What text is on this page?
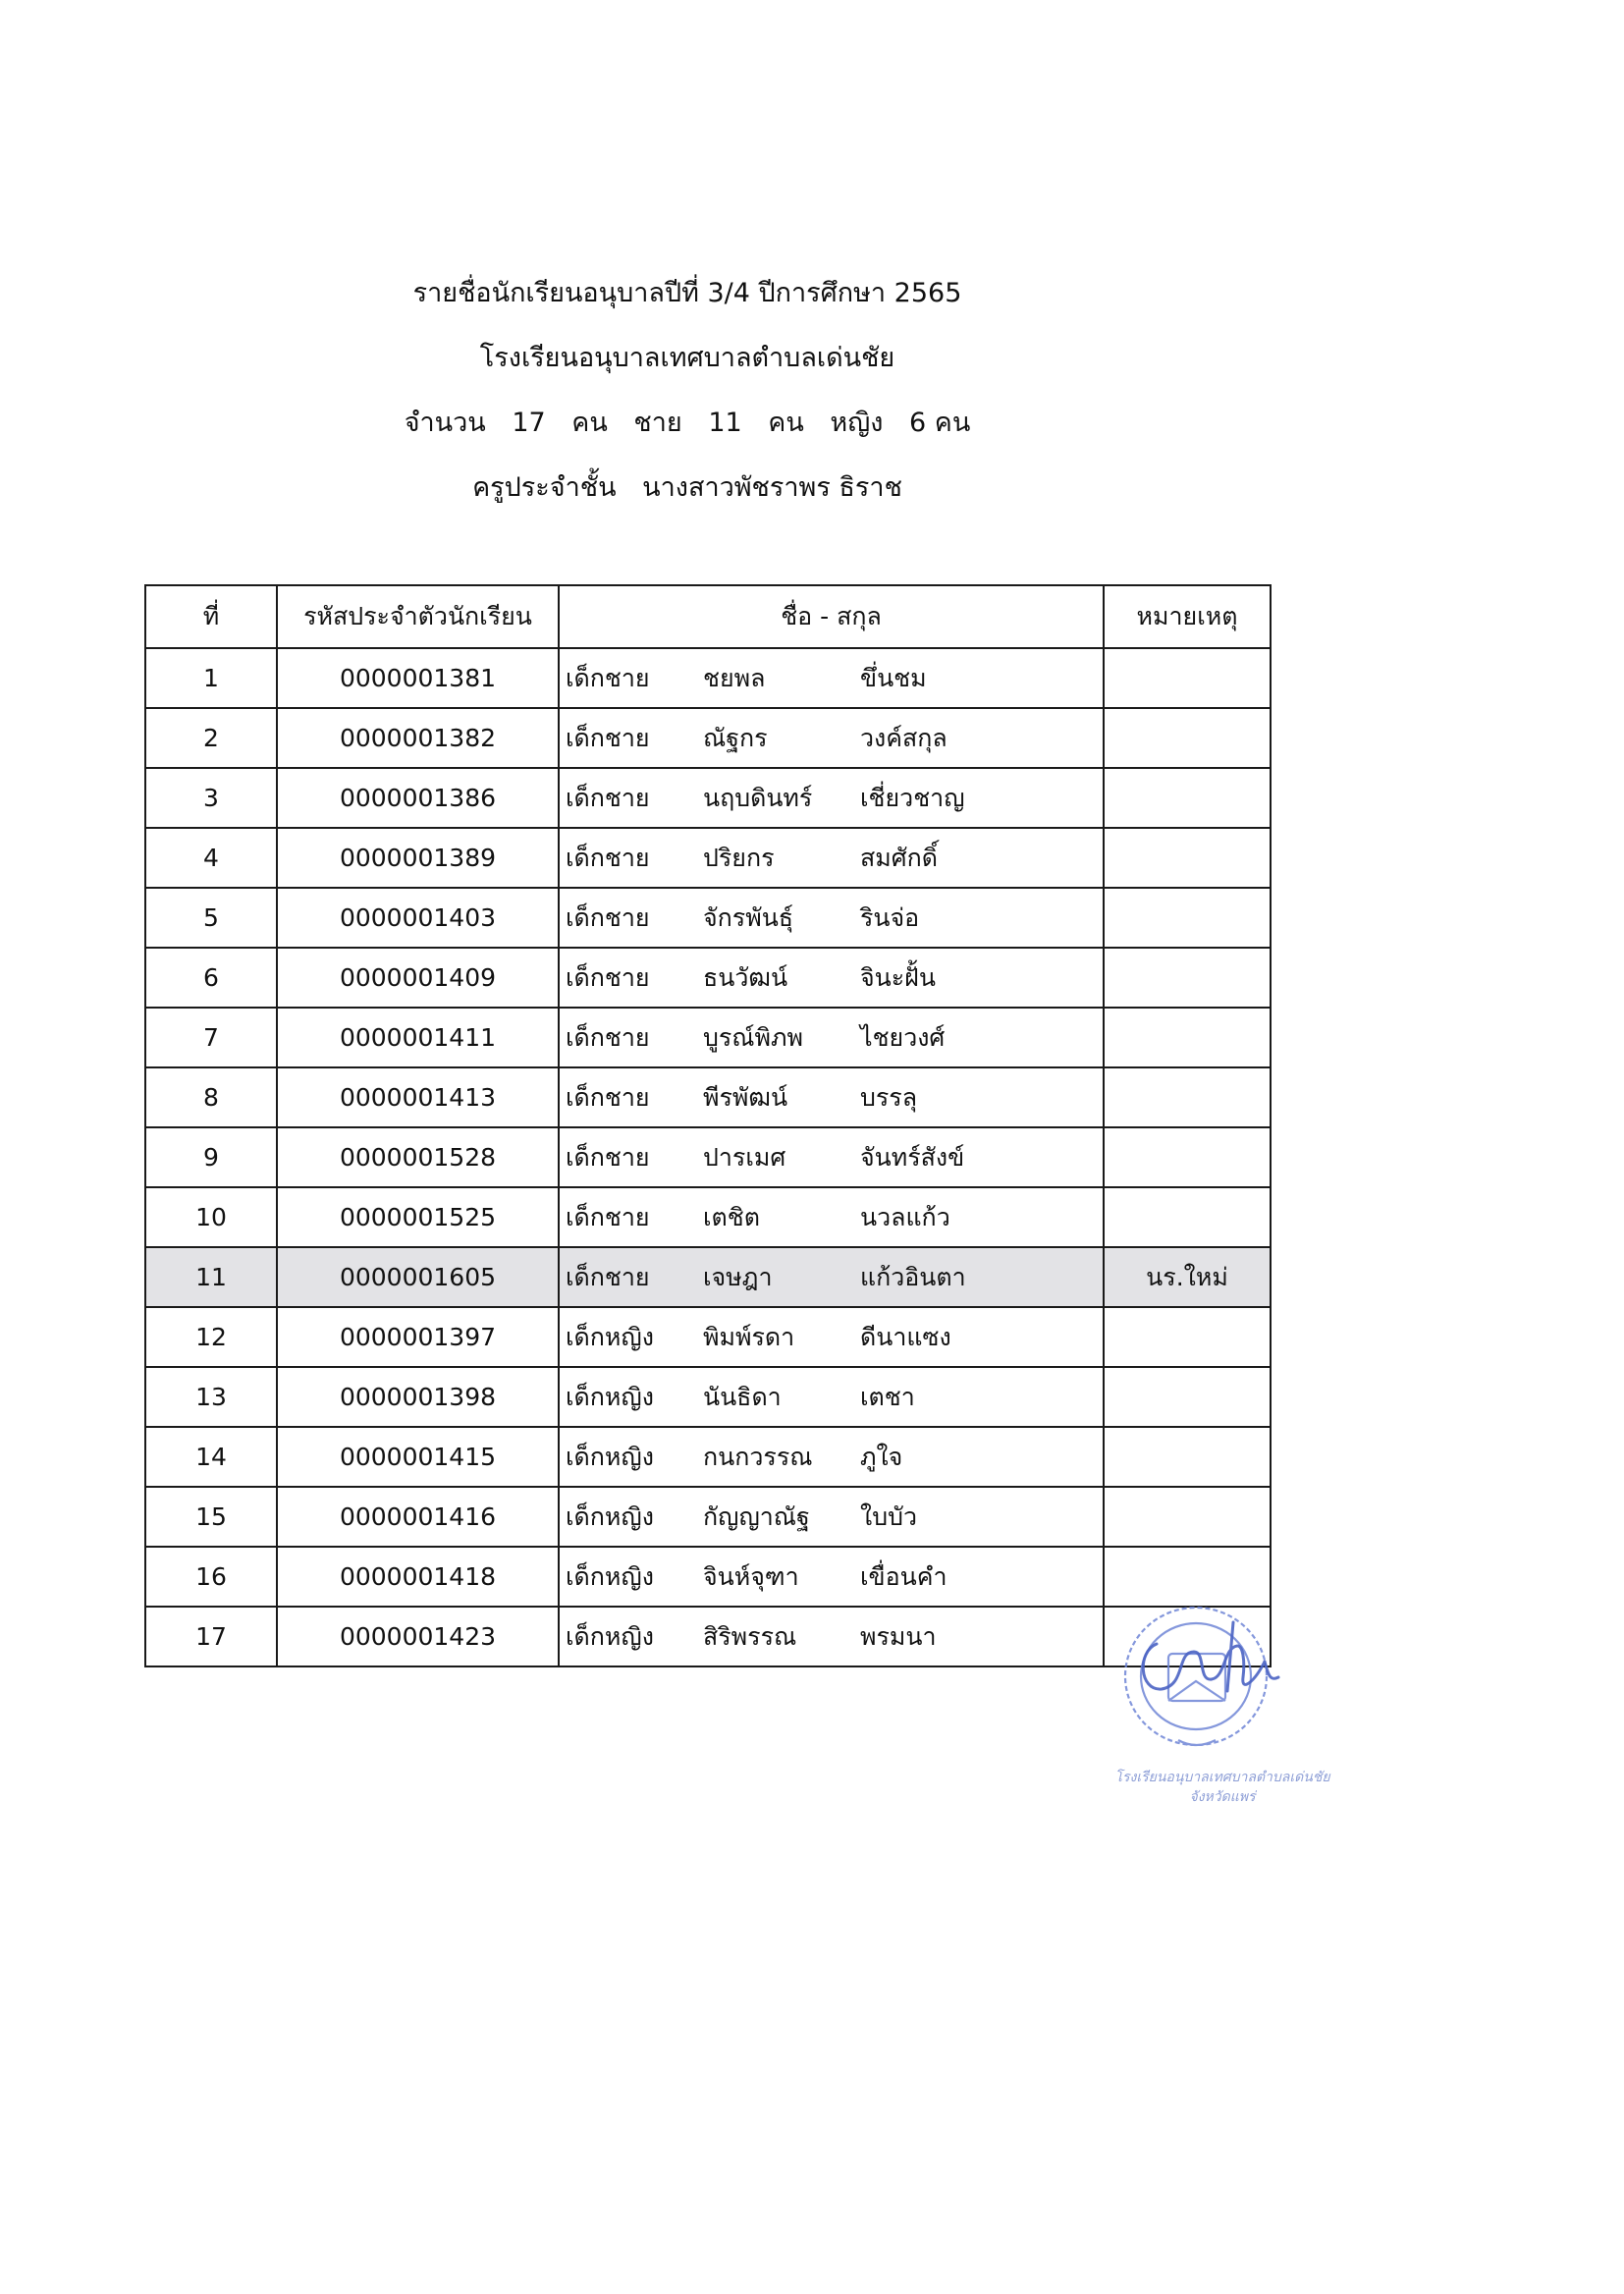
รายชื่อนักเรียนอนุบาลปีที่ 3/4 ปีการศึกษา 2565
โรงเรียนอนุบาลเทศบาลตำบลเด่นชัย
จำนวน 17 คน ชาย 11 คน หญิง 6 คน
ครูประจำชั้น นางสาวพัชราพร ธิราช
ที่	รหัสประจำตัวนักเรียน	ชื่อ - สกุล	หมายเหตุ
1	0000001381	เด็กชาย ชยพล ขึ่นชม	
2	0000001382	เด็กชาย ณัฐกร วงค์สกุล	
3	0000001386	เด็กชาย นฤบดินทร์ เชี่ยวชาญ	
4	0000001389	เด็กชาย ปริยกร สมศักดิ์	
5	0000001403	เด็กชาย จักรพันธุ์ รินจ่อ	
6	0000001409	เด็กชาย ธนวัฒน์ จินะฝั้น	
7	0000001411	เด็กชาย บูรณ์พิภพ ไชยวงศ์	
8	0000001413	เด็กชาย พีรพัฒน์ บรรลุ	
9	0000001528	เด็กชาย ปารเมศ จันทร์สังข์	
10	0000001525	เด็กชาย เตชิต นวลแก้ว	
11	0000001605	เด็กชาย เจษฎา แก้วอินตา	นร.ใหม่
12	0000001397	เด็กหญิง พิมพ์รดา ดีนาแซง	
13	0000001398	เด็กหญิง นันธิดา เตชา	
14	0000001415	เด็กหญิง กนกวรรณ ภูใจ	
15	0000001416	เด็กหญิง กัญญาณัฐ ใบบัว	
16	0000001418	เด็กหญิง จินห์จุฑา เขื่อนคำ	
17	0000001423	เด็กหญิง สิริพรรณ พรมนา	
โรงเรียนอนุบาลเทศบาลตำบลเด่นชัย
จังหวัดแพร่
